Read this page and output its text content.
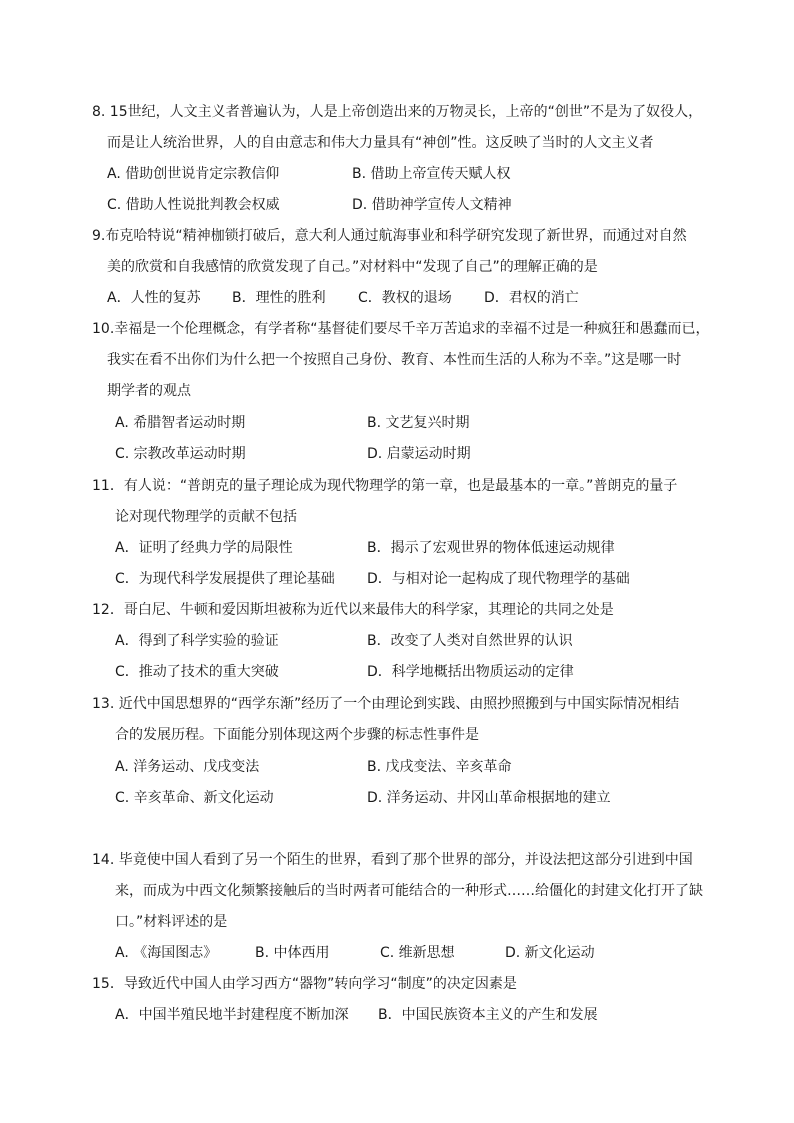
8. 15世纪，人文主义者普遍认为，人是上帝创造出来的万物灵长，上帝的“创世”不是为了奴役人，
而是让人统治世界，人的自由意志和伟大力量具有“神创”性。这反映了当时的人文主义者
A. 借助创世说肯定宗教信仰	B. 借助上帝宣传天赋人权
C. 借助人性说批判教会权威	D. 借助神学宣传人文精神
9.布克哈特说“精神枷锁打破后，意大利人通过航海事业和科学研究发现了新世界，而通过对自然
美的欣赏和自我感情的欣赏发现了自己。”对材料中“发现了自己”的理解正确的是
A．人性的复苏 B．理性的胜利 C．教权的退场 D．君权的消亡
10.幸福是一个伦理概念，有学者称“基督徒们要尽千辛万苦追求的幸福不过是一种疯狂和愚蠢而已，
我实在看不出你们为什么把一个按照自己身份、教育、本性而生活的人称为不幸。”这是哪一时
期学者的观点
A. 希腊智者运动时期	B. 文艺复兴时期
C. 宗教改革运动时期	D. 启蒙运动时期
11．有人说：“普朗克的量子理论成为现代物理学的第一章，也是最基本的一章。”普朗克的量子
论对现代物理学的贡献不包括
A．证明了经典力学的局限性	B．揭示了宏观世界的物体低速运动规律
C．为现代科学发展提供了理论基础 D．与相对论一起构成了现代物理学的基础
12．哥白尼、牛顿和爱因斯坦被称为近代以来最伟大的科学家，其理论的共同之处是
A．得到了科学实验的验证	B．改变了人类对自然世界的认识
C．推动了技术的重大突破	D．科学地概括出物质运动的定律
13. 近代中国思想界的“西学东渐”经历了一个由理论到实践、由照抄照搬到与中国实际情况相结
合的发展历程。下面能分别体现这两个步骤的标志性事件是
A. 洋务运动、戊戌变法	B. 戊戌变法、辛亥革命
C. 辛亥革命、新文化运动	D. 洋务运动、井冈山革命根据地的建立
14. 毕竟使中国人看到了另一个陌生的世界，看到了那个世界的部分，并设法把这部分引进到中国
来，而成为中西文化频繁接触后的当时两者可能结合的一种形式……给僵化的封建文化打开了缺
口。”材料评述的是
A. 《海国图志》	B. 中体西用	C. 维新思想	D. 新文化运动
15．导致近代中国人由学习西方“器物”转向学习“制度”的决定因素是
A．中国半殖民地半封建程度不断加深 B．中国民族资本主义的产生和发展
